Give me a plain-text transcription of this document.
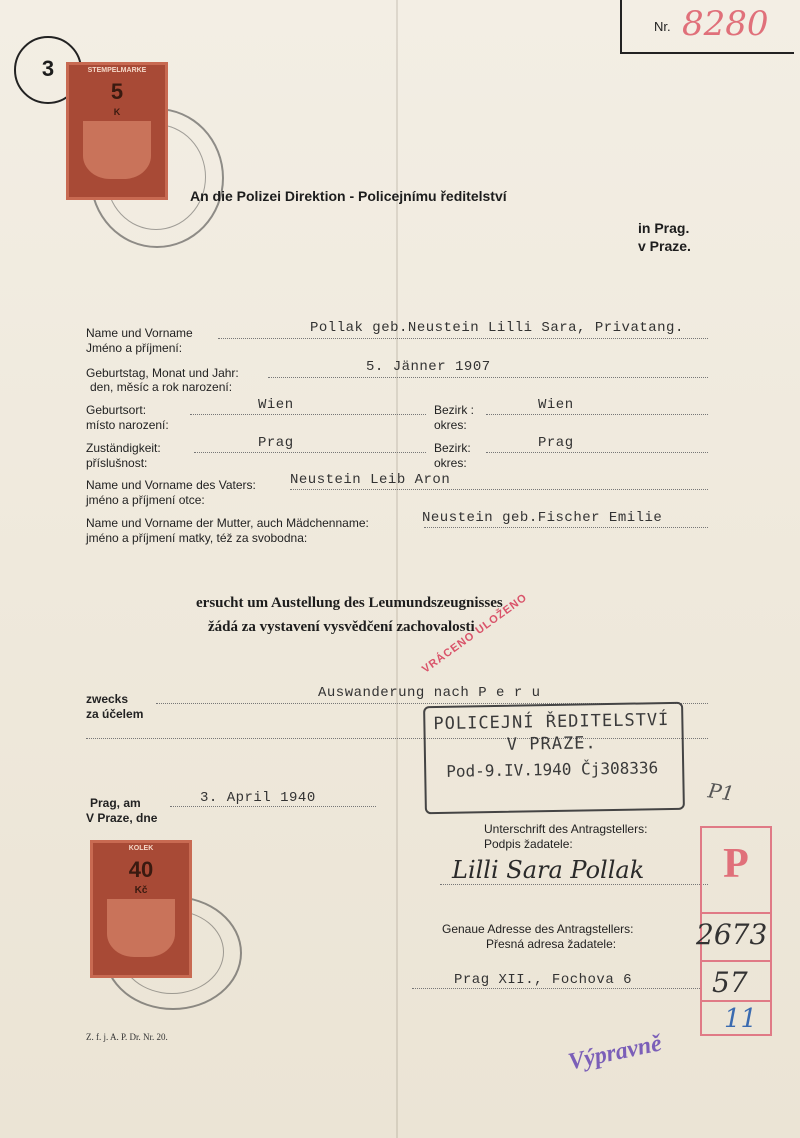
Nr. 8280
3	STEMPELMARKE
5
K
An die Polizei Direktion - Policejnímu ředitelství
in Prag.
v Praze.
Name und Vorname
Jméno a příjmení:
Pollak geb.Neustein Lilli Sara, Privatang.
Geburtstag, Monat und Jahr:
den, měsíc a rok narození:
5. Jänner 1907
Geburtsort:
místo narození:
Wien	Bezirk :
okres:
Wien
Zuständigkeit:
příslušnost:
Prag	Bezirk:
okres:
Prag
Name und Vorname des Vaters:
jméno a příjmení otce:
Neustein Leib Aron
Name und Vorname der Mutter, auch Mädchenname:
jméno a příjmení matky, též za svobodna:
Neustein geb.Fischer Emilie
ersucht um Austellung des Leumundszeugnisses
žádá za vystavení vysvědčení zachovalosti
zwecks
za účelem
Auswanderung nach P e r u
POLICEJNÍ ŘEDITELSTVÍ
V PRAZE.
Pod-9.IV.1940 Čj308336
VRÁCENO ULOŽENO
Prag, am
V Praze, dne
3. April 1940	P1
Unterschrift des Antragstellers:
Podpis žadatele:
Lilli Sara Pollak
KOLEK
40
Kč
Genaue Adresse des Antragstellers:
Přesná adresa žadatele:
Prag XII., Fochova 6
P
2673
57
11
Výpravně
Z. f. j. A. P. Dr. Nr. 20.
